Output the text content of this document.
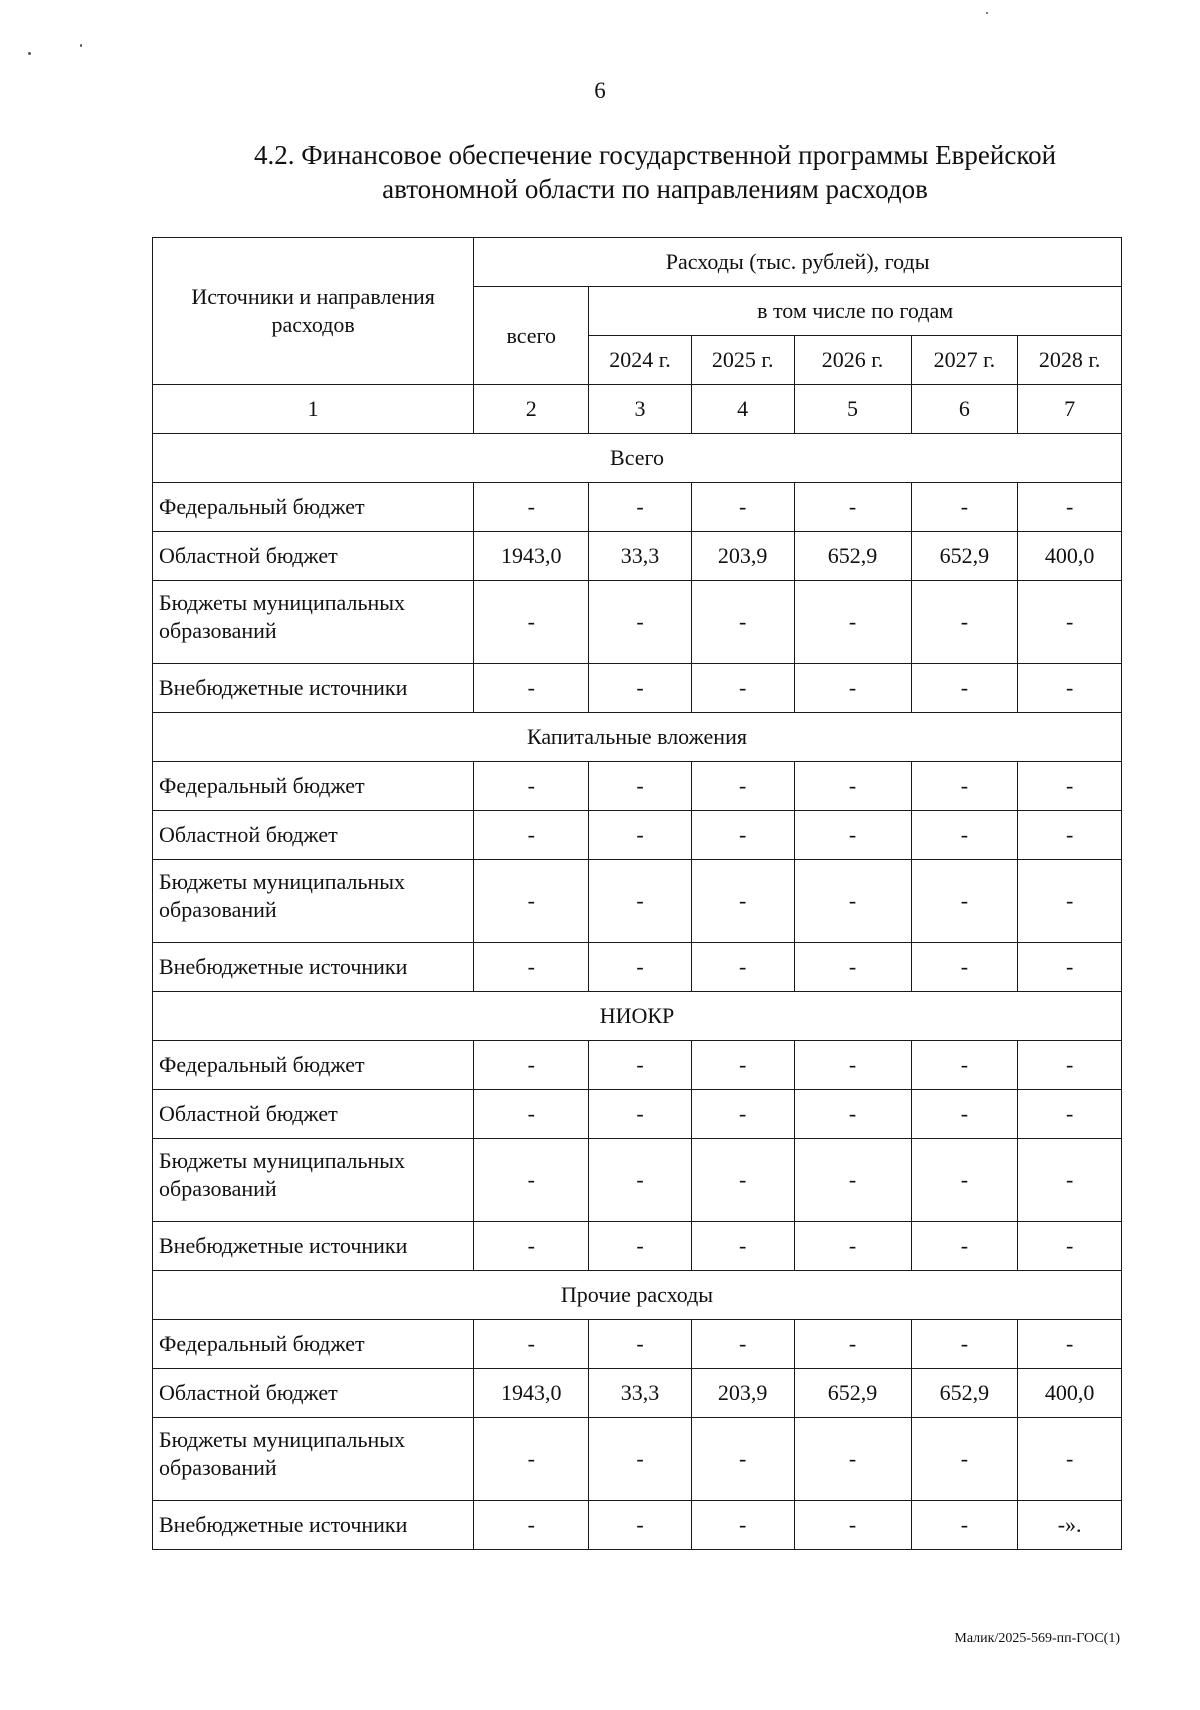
6
4.2. Финансовое обеспечение государственной программы Еврейской
автономной области по направлениям расходов
Источники и направления расходов	Расходы (тыс. рублей), годы					
	всего	в том числе по годам				
		2024 г.	2025 г.	2026 г.	2027 г.	2028 г.
1	2	3	4	5	6	7
Всего						
Федеральный бюджет	-	-	-	-	-	-
Областной бюджет	1943,0	33,3	203,9	652,9	652,9	400,0
Бюджеты муниципальных образований	-	-	-	-	-	-
Внебюджетные источники	-	-	-	-	-	-
Капитальные вложения						
Федеральный бюджет	-	-	-	-	-	-
Областной бюджет	-	-	-	-	-	-
Бюджеты муниципальных образований	-	-	-	-	-	-
Внебюджетные источники	-	-	-	-	-	-
НИОКР						
Федеральный бюджет	-	-	-	-	-	-
Областной бюджет	-	-	-	-	-	-
Бюджеты муниципальных образований	-	-	-	-	-	-
Внебюджетные источники	-	-	-	-	-	-
Прочие расходы						
Федеральный бюджет	-	-	-	-	-	-
Областной бюджет	1943,0	33,3	203,9	652,9	652,9	400,0
Бюджеты муниципальных образований	-	-	-	-	-	-
Внебюджетные источники	-	-	-	-	-	-».
Малик/2025-569-пп-ГОС(1)
